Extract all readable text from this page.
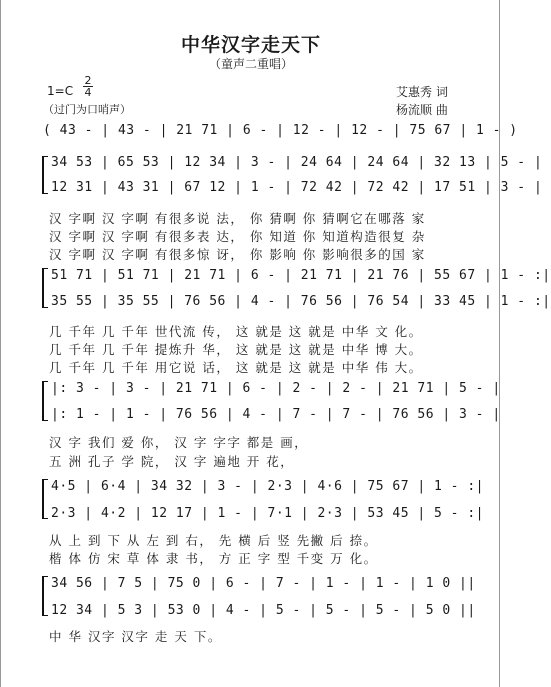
中华汉字走天下
（童声二重唱）
1=C
2
4
（过门为口哨声）
艾惠秀 词
杨流顺 曲
( 43 - | 43 - | 21 71 | 6 - | 12 - | 12 - | 75 67 | 1 - )
34 53 | 65 53 | 12 34 | 3 - | 24 64 | 24 64 | 32 13 | 5 - |
12 31 | 43 31 | 67 12 | 1 - | 72 42 | 72 42 | 17 51 | 3 - |
汉 字啊 汉 字啊 有很多说 法， 你 猜啊 你 猜啊它在哪落 家
汉 字啊 汉 字啊 有很多表 达， 你 知道 你 知道构造很复 杂
汉 字啊 汉 字啊 有很多惊 讶， 你 影响 你 影响很多的国 家
51 71 | 51 71 | 21 71 | 6 - | 21 71 | 21 76 | 55 67 | 1 - :|
35 55 | 35 55 | 76 56 | 4 - | 76 56 | 76 54 | 33 45 | 1 - :|
几 千年 几 千年 世代流 传， 这 就是 这 就是 中华 文 化。
几 千年 几 千年 提炼升 华， 这 就是 这 就是 中华 博 大。
几 千年 几 千年 用它说 话， 这 就是 这 就是 中华 伟 大。
|: 3 - | 3 - | 21 71 | 6 - | 2 - | 2 - | 21 71 | 5 - |
|: 1 - | 1 - | 76 56 | 4 - | 7 - | 7 - | 76 56 | 3 - |
汉 字 我们 爱 你， 汉 字 字字 都是 画，
五 洲 孔子 学 院， 汉 字 遍地 开 花，
4·5 | 6·4 | 34 32 | 3 - | 2·3 | 4·6 | 75 67 | 1 - :|
2·3 | 4·2 | 12 17 | 1 - | 7·1 | 2·3 | 53 45 | 5 - :|
从 上 到 下 从 左 到 右， 先 横 后 竖 先撇 后 捺。
楷 体 仿 宋 草 体 隶 书， 方 正 字 型 千变 万 化。
34 56 | 7 5 | 75 0 | 6 - | 7 - | 1 - | 1 - | 1 0 ||
12 34 | 5 3 | 53 0 | 4 - | 5 - | 5 - | 5 - | 5 0 ||
中 华 汉字 汉字 走 天 下。
